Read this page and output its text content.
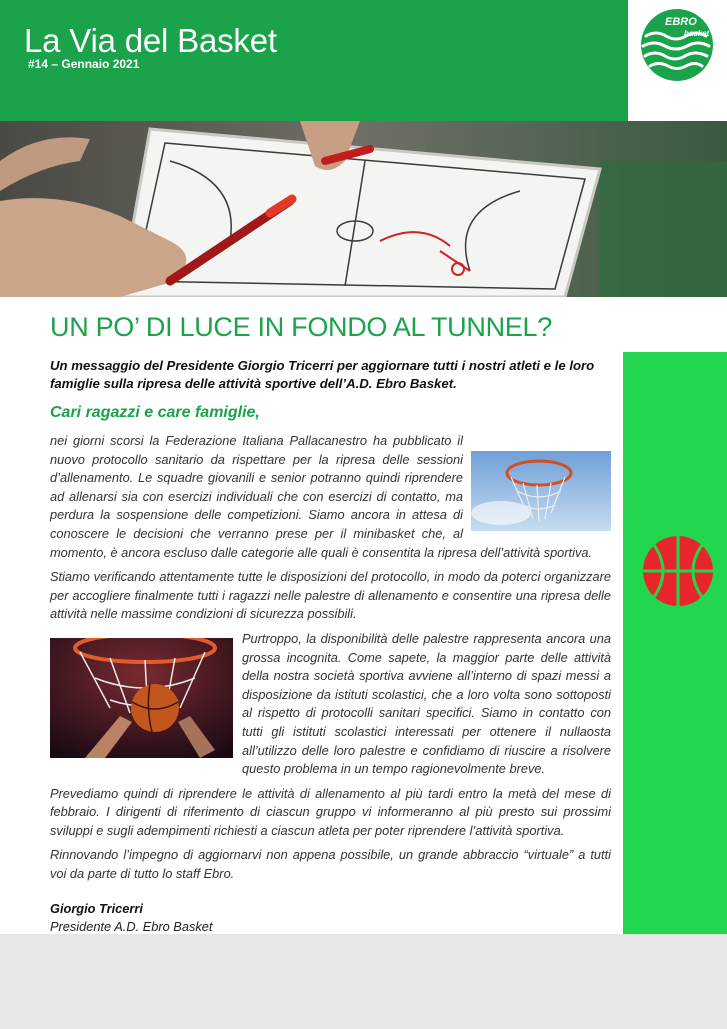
La Via del Basket
#14 – Gennaio 2021
EBRO
basket
UN PO’ DI LUCE IN FONDO AL TUNNEL?
Un messaggio del Presidente Giorgio Tricerri per aggiornare tutti i nostri atleti e le loro famiglie sulla ripresa delle attività sportive dell’A.D. Ebro Basket.
Cari ragazzi e care famiglie,

nei giorni scorsi la Federazione Italiana Pallacanestro ha pubblicato il nuovo protocollo sanitario da rispettare per la ripresa delle sessioni d’allenamento. Le squadre giovanili e senior potranno quindi riprendere ad allenarsi sia con esercizi individuali che con esercizi di contatto, ma perdura la sospensione delle competizioni. Siamo ancora in attesa di conoscere le decisioni che verranno prese per il minibasket che, al momento, è ancora escluso dalle categorie alle quali è consentita la ripresa dell’attività sportiva.

Stiamo verificando attentamente tutte le disposizioni del protocollo, in modo da poterci organizzare per accogliere finalmente tutti i ragazzi nelle palestre di allenamento e consentire una ripresa delle attività nelle massime condizioni di sicurezza possibili.

Purtroppo, la disponibilità delle palestre rappresenta ancora una grossa incognita. Come sapete, la maggior parte delle attività della nostra società sportiva avviene all’interno di spazi messi a disposizione da istituti scolastici, che a loro volta sono sottoposti al rispetto di protocolli sanitari specifici. Siamo in contatto con tutti gli istituti scolastici interessati per ottenere il nullaosta all’utilizzo delle loro palestre e confidiamo di riuscire a risolvere questo problema in un tempo ragionevolmente breve.

Prevediamo quindi di riprendere le attività di allenamento al più tardi entro la metà del mese di febbraio. I dirigenti di riferimento di ciascun gruppo vi informeranno al più presto sui prossimi sviluppi e sugli adempimenti richiesti a ciascun atleta per poter riprendere l’attività sportiva.

Rinnovando l’impegno di aggiornarvi non appena possibile, un grande abbraccio “virtuale” a tutti voi da parte di tutto lo staff Ebro.

Giorgio Tricerri
Presidente A.D. Ebro Basket
